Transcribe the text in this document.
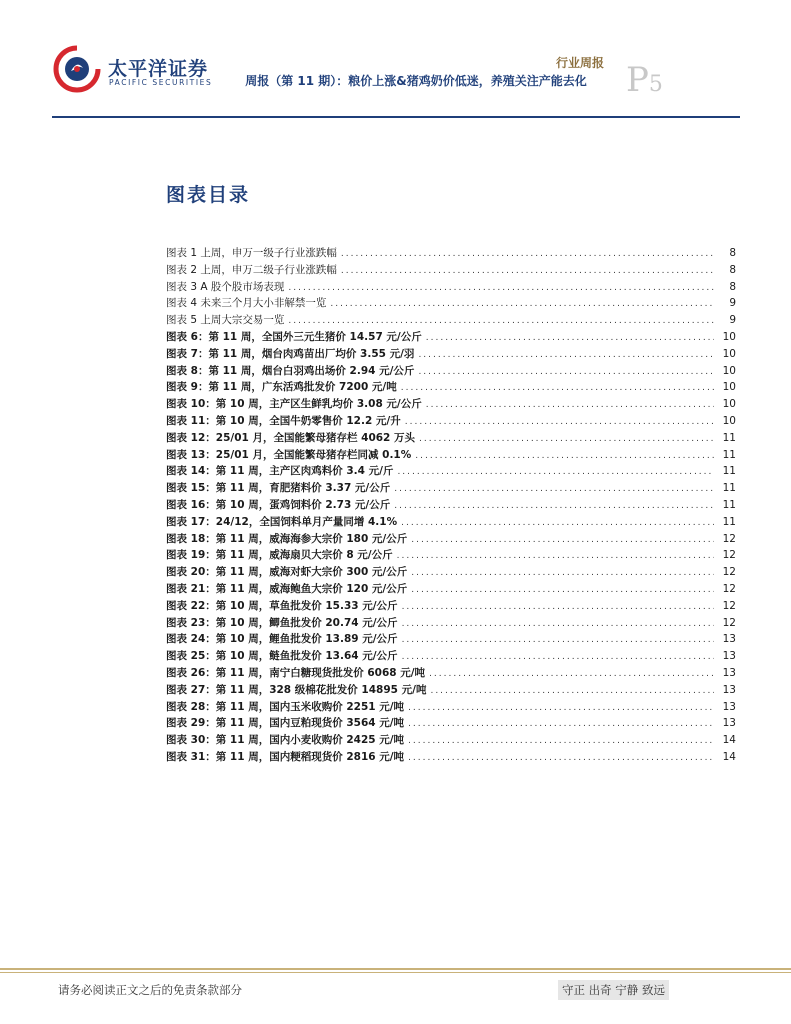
太平洋证券
PACIFIC SECURITIES
行业周报
周报（第 11 期）：粮价上涨&猪鸡奶价低迷，养殖关注产能去化	P5
图表目录
图表 1 上周，申万一级子行业涨跌幅 .....	8
图表 2 上周，申万二级子行业涨跌幅 .....	8
图表 3 A 股个股市场表现 .....	8
图表 4 未来三个月大小非解禁一览 .....	9
图表 5 上周大宗交易一览 .....	9
图表 6：第 11 周，全国外三元生猪价 14.57 元/公斤 .....	10
图表 7：第 11 周，烟台肉鸡苗出厂均价 3.55 元/羽 .....	10
图表 8：第 11 周，烟台白羽鸡出场价 2.94 元/公斤 .....	10
图表 9：第 11 周，广东活鸡批发价 7200 元/吨 .....	10
图表 10：第 10 周，主产区生鲜乳均价 3.08 元/公斤 .....	10
图表 11：第 10 周，全国牛奶零售价 12.2 元/升 .....	10
图表 12：25/01 月，全国能繁母猪存栏 4062 万头 .....	11
图表 13：25/01 月，全国能繁母猪存栏同减 0.1% .....	11
图表 14：第 11 周，主产区肉鸡料价 3.4 元/斤 .....	11
图表 15：第 11 周，育肥猪料价 3.37 元/公斤 .....	11
图表 16：第 10 周，蛋鸡饲料价 2.73 元/公斤 .....	11
图表 17：24/12，全国饲料单月产量同增 4.1% .....	11
图表 18：第 11 周，威海海参大宗价 180 元/公斤 .....	12
图表 19：第 11 周，威海扇贝大宗价 8 元/公斤 .....	12
图表 20：第 11 周，威海对虾大宗价 300 元/公斤 .....	12
图表 21：第 11 周，威海鲍鱼大宗价 120 元/公斤 .....	12
图表 22：第 10 周，草鱼批发价 15.33 元/公斤 .....	12
图表 23：第 10 周，鲫鱼批发价 20.74 元/公斤 .....	12
图表 24：第 10 周，鲤鱼批发价 13.89 元/公斤 .....	13
图表 25：第 10 周，鲢鱼批发价 13.64 元/公斤 .....	13
图表 26：第 11 周，南宁白糖现货批发价 6068 元/吨 .....	13
图表 27：第 11 周，328 级棉花批发价 14895 元/吨 .....	13
图表 28：第 11 周，国内玉米收购价 2251 元/吨 .....	13
图表 29：第 11 周，国内豆粕现货价 3564 元/吨 .....	13
图表 30：第 11 周，国内小麦收购价 2425 元/吨 .....	14
图表 31：第 11 周，国内粳稻现货价 2816 元/吨 .....	14
请务必阅读正文之后的免责条款部分	守正 出奇 宁静 致远
